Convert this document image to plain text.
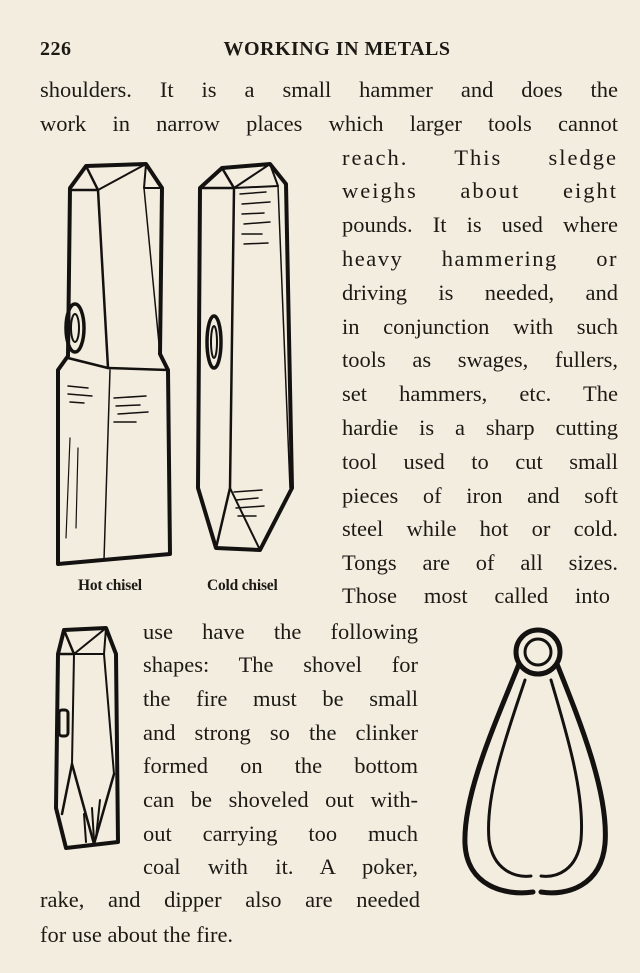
226	WORKING IN METALS
shoulders. It is a small hammer and does the
work in narrow places which larger tools cannot
reach. This sledge
weighs about eight
pounds. It is used where
heavy hammering or
driving is needed, and
in conjunction with such
tools as swages, fullers,
set hammers, etc. The
hardie is a sharp cutting
tool used to cut small
pieces of iron and soft
steel while hot or cold.
Tongs are of all sizes.
Those most called into
use have the following
shapes: The shovel for
the fire must be small
and strong so the clinker
formed on the bottom
can be shoveled out with-
out carrying too much
coal with it. A poker,
rake, and dipper also are needed
for use about the fire.
Hot chisel	Cold chisel
